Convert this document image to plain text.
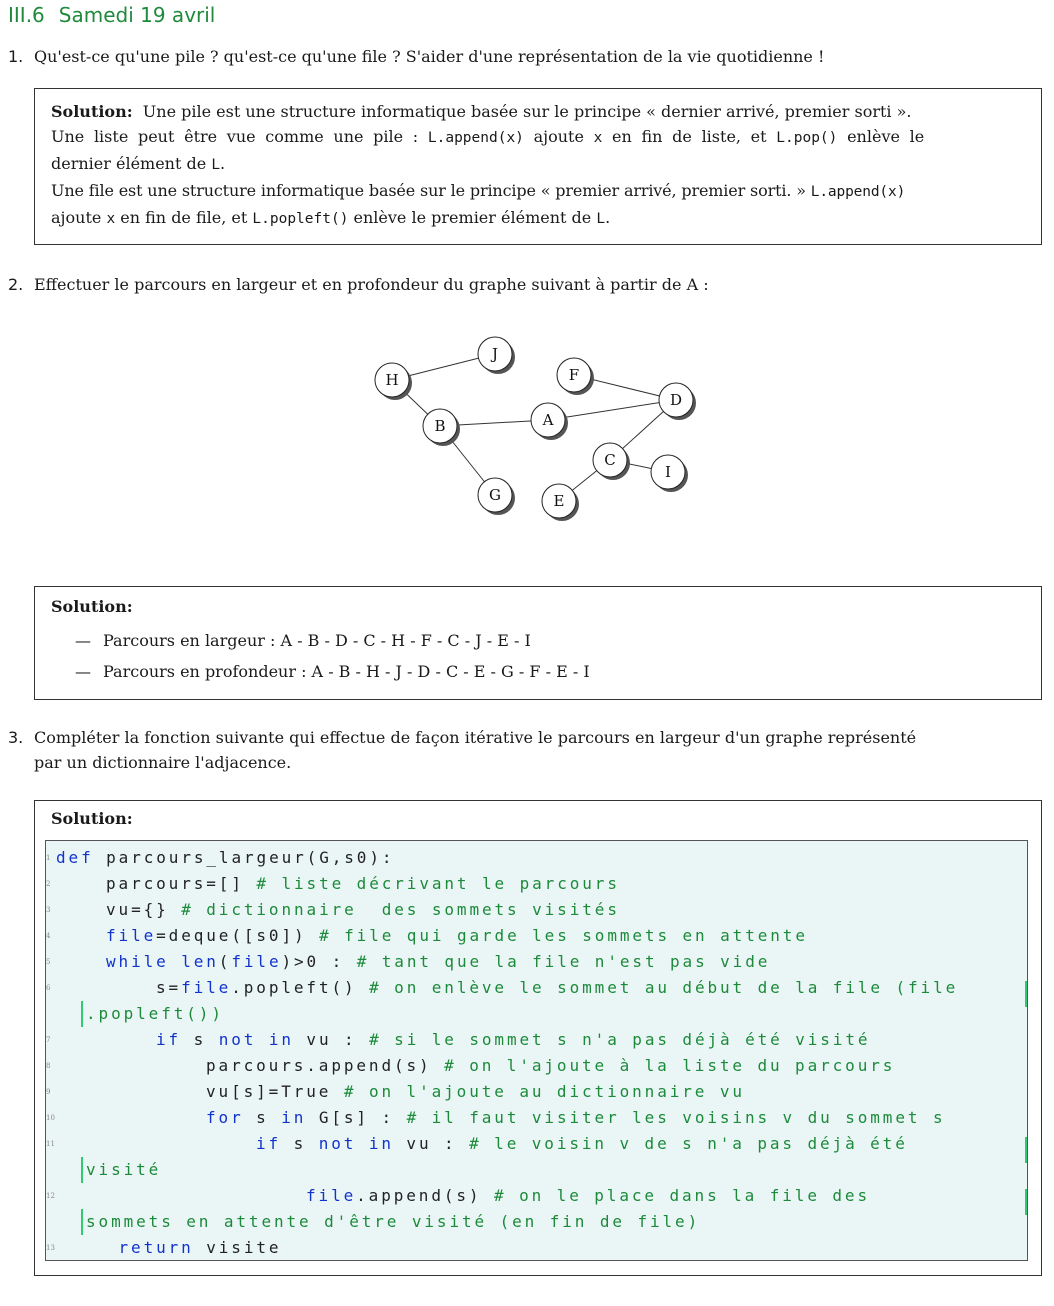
III.6 Samedi 19 avril
1. Qu'est-ce qu'une pile ? qu'est-ce qu'une file ? S'aider d'une représentation de la vie quotidienne !
Solution: Une pile est une structure informatique basée sur le principe « dernier arrivé, premier sorti ».
Une liste peut être vue comme une pile : L.append(x) ajoute x en fin de liste, et L.pop() enlève le
dernier élément de L.
Une file est une structure informatique basée sur le principe « premier arrivé, premier sorti. » L.append(x)
ajoute x en fin de file, et L.popleft() enlève le premier élément de L.
2. Effectuer le parcours en largeur et en profondeur du graphe suivant à partir de A :
H
J
F
D
B	A
C
I
G	E
Solution:
— Parcours en largeur : A - B - D - C - H - F - C - J - E - I
— Parcours en profondeur : A - B - H - J - D - C - E - G - F - E - I
3. Compléter la fonction suivante qui effectue de façon itérative le parcours en largeur d'un graphe représenté
par un dictionnaire l'adjacence.
Solution:
1 def parcours_largeur(G,s0):
2	parcours=[] # liste décrivant le parcours
3	vu={} # dictionnaire  des sommets visités
4	file=deque([s0]) # file qui garde les sommets en attente
5	while len(file)>0 : # tant que la file n'est pas vide
6	s=file.popleft() # on enlève le sommet au début de la file (file
.popleft())
7	if s not in vu : # si le sommet s n'a pas déjà été visité
8	parcours.append(s) # on l'ajoute à la liste du parcours
9	vu[s]=True # on l'ajoute au dictionnaire vu
10	for s in G[s] : # il faut visiter les voisins v du sommet s
11	if s not in vu : # le voisin v de s n'a pas déjà été
visité
12	file.append(s) # on le place dans la file des
sommets en attente d'être visité (en fin de file)
13	return visite
